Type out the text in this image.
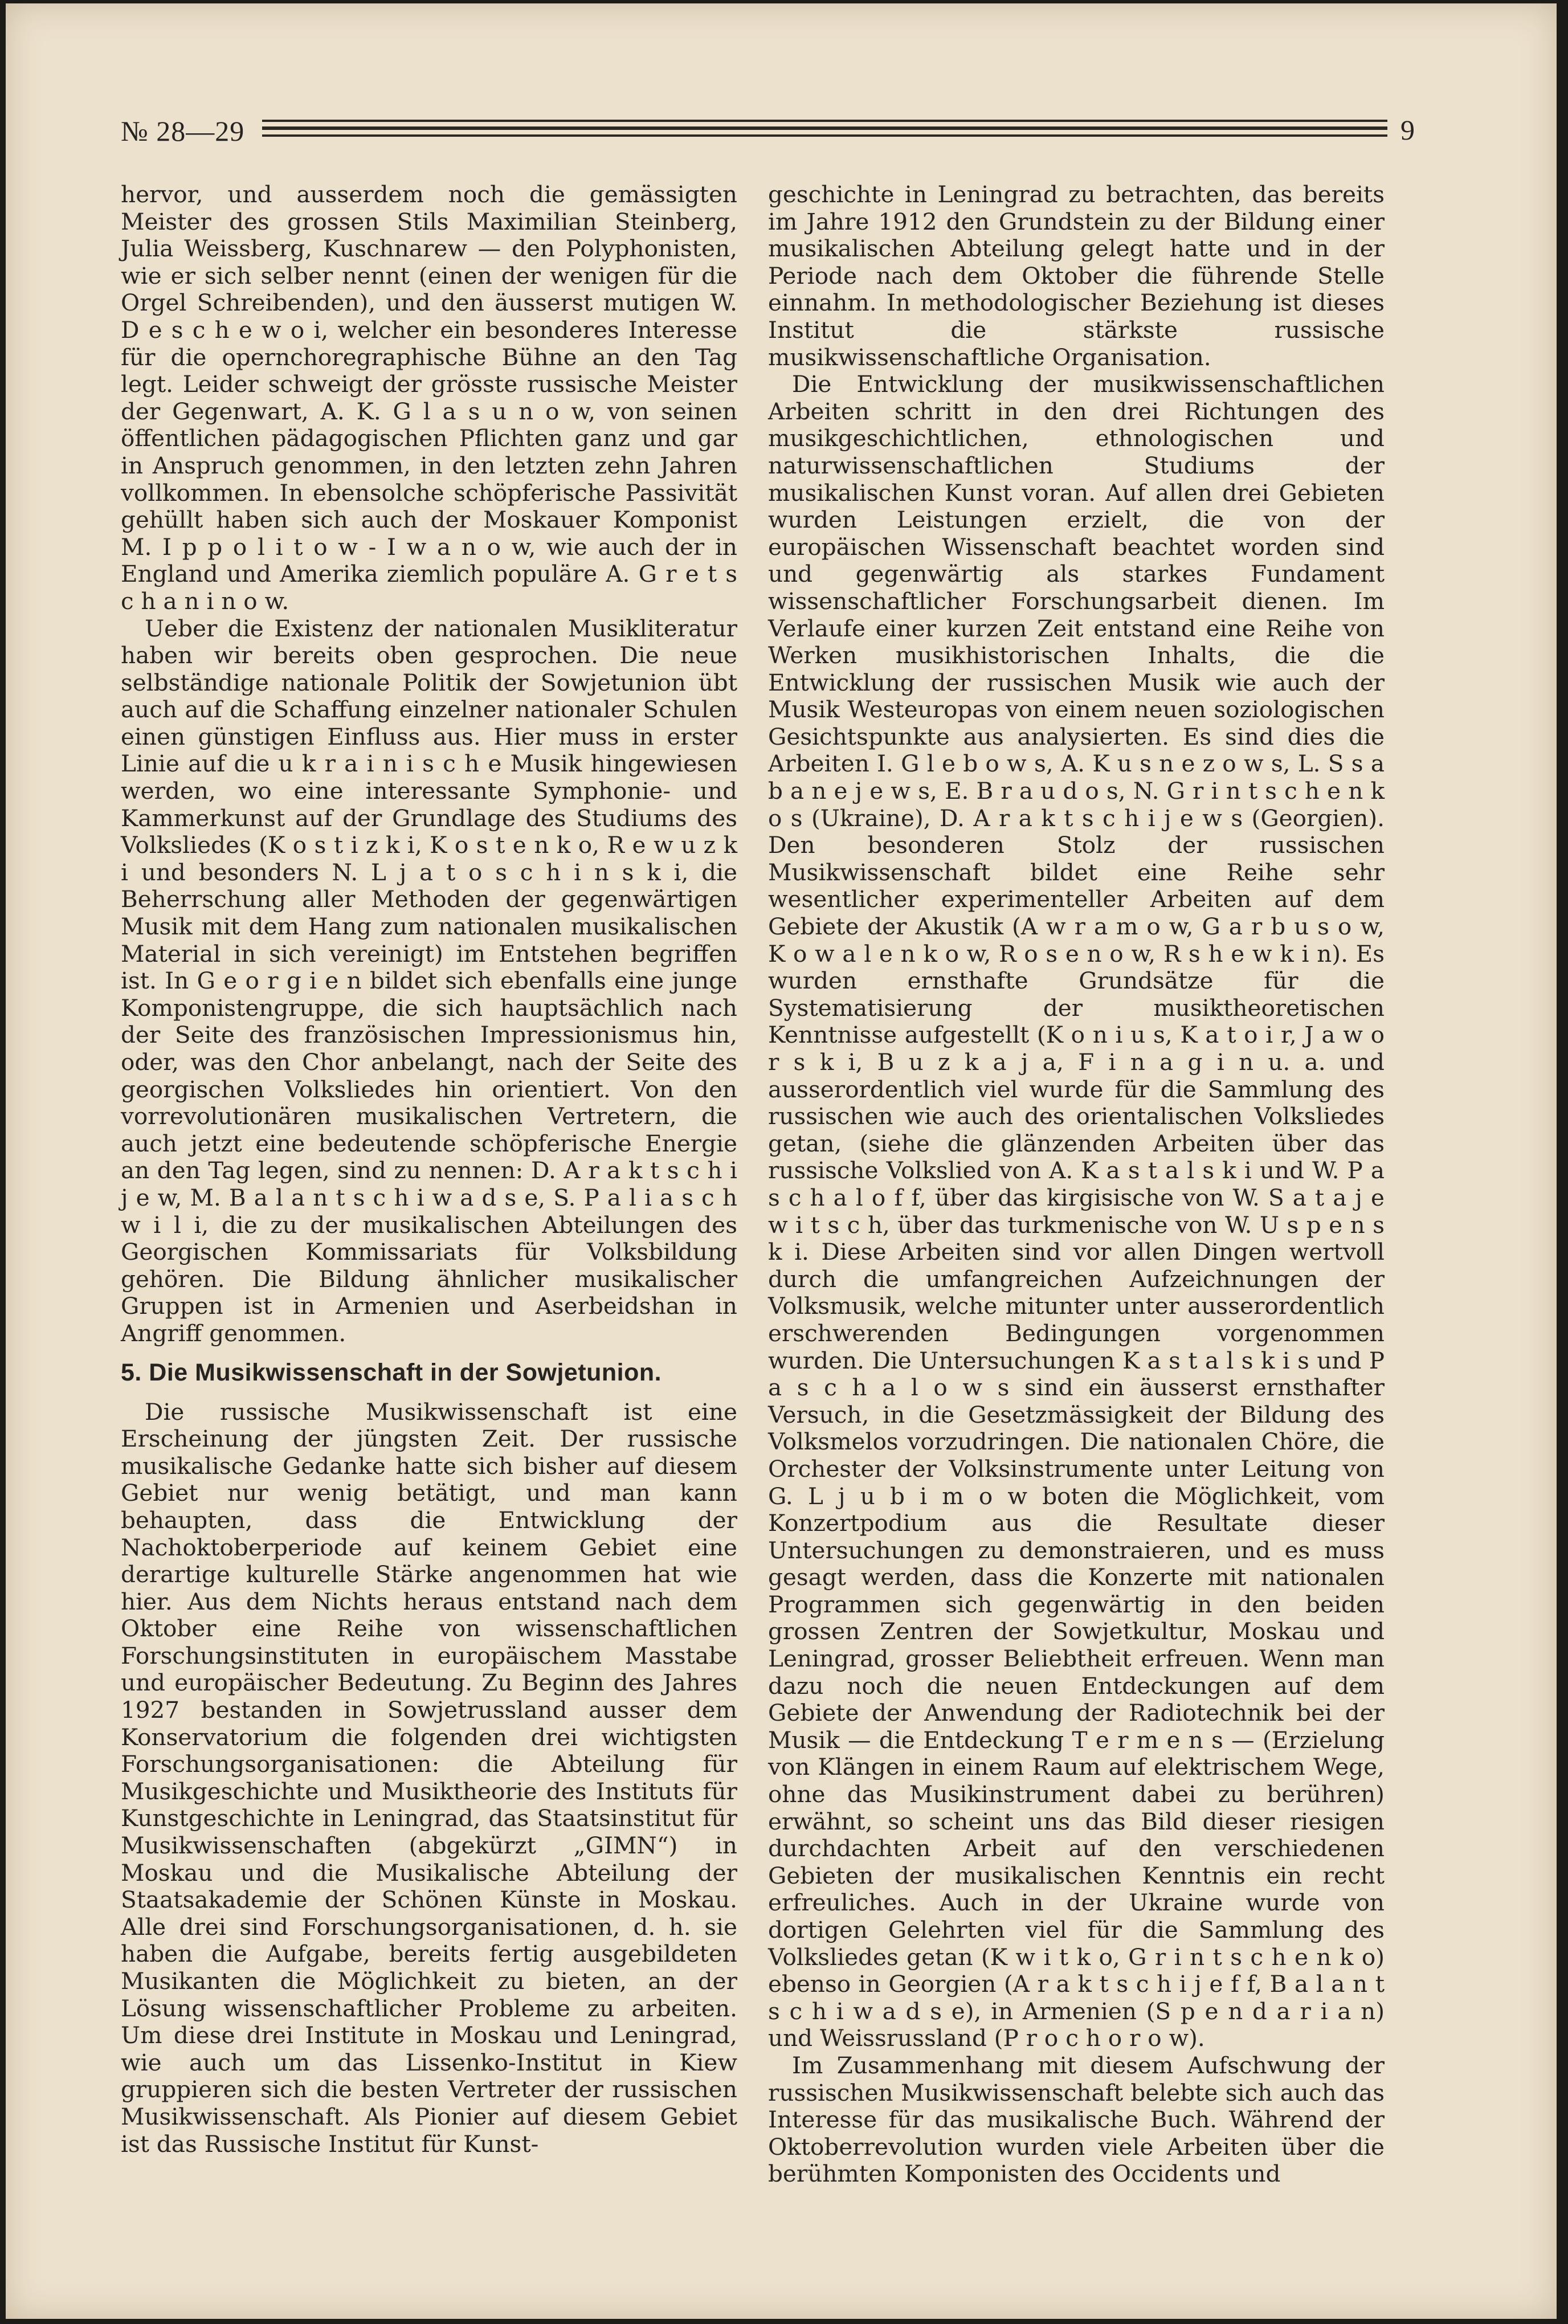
№ 28—29	9

hervor, und ausserdem noch die gemässigten Meister des grossen Stils Maximilian Steinberg, Julia Weissberg, Kuschnarew — den Polyphonisten, wie er sich selber nennt (einen der wenigen für die Orgel Schreibenden), und den äusserst mutigen W. D e s c h e w o i, welcher ein besonderes Interesse für die opernchoregraphische Bühne an den Tag legt. Leider schweigt der grösste russische Meister der Gegenwart, A. K. G l a s u n o w, von seinen öffentlichen pädagogischen Pflichten ganz und gar in Anspruch genommen, in den letzten zehn Jahren vollkommen. In ebensolche schöpferische Passivität gehüllt haben sich auch der Moskauer Komponist M. I p p o l i t o w - I w a n o w, wie auch der in England und Amerika ziemlich populäre A. G r e t s c h a n i n o w.

Ueber die Existenz der nationalen Musikliteratur haben wir bereits oben gesprochen. Die neue selbständige nationale Politik der Sowjetunion übt auch auf die Schaffung einzelner nationaler Schulen einen günstigen Einfluss aus. Hier muss in erster Linie auf die u k r a i n i s c h e Musik hingewiesen werden, wo eine interessante Symphonie- und Kammerkunst auf der Grundlage des Studiums des Volksliedes (K o s t i z k i, K o s t e n k o, R e w u z k i und besonders N. L j a t o s c h i n s k i, die Beherrschung aller Methoden der gegenwärtigen Musik mit dem Hang zum nationalen musikalischen Material in sich vereinigt) im Entstehen begriffen ist. In G e o r g i e n bildet sich ebenfalls eine junge Komponistengruppe, die sich hauptsächlich nach der Seite des französischen Impressionismus hin, oder, was den Chor anbelangt, nach der Seite des georgischen Volksliedes hin orientiert. Von den vorrevolutionären musikalischen Vertretern, die auch jetzt eine bedeutende schöpferische Energie an den Tag legen, sind zu nennen: D. A r a k t s c h i j e w, M. B a l a n t s c h i w a d s e, S. P a l i a s c h w i l i, die zu der musikalischen Abteilungen des Georgischen Kommissariats für Volksbildung gehören. Die Bildung ähnlicher musikalischer Gruppen ist in Armenien und Aserbeidshan in Angriff genommen.

5. Die Musikwissenschaft in der Sowjetunion.

Die russische Musikwissenschaft ist eine Erscheinung der jüngsten Zeit. Der russische musikalische Gedanke hatte sich bisher auf diesem Gebiet nur wenig betätigt, und man kann behaupten, dass die Entwicklung der Nachoktoberperiode auf keinem Gebiet eine derartige kulturelle Stärke angenommen hat wie hier. Aus dem Nichts heraus entstand nach dem Oktober eine Reihe von wissenschaftlichen Forschungsinstituten in europäischem Masstabe und europäischer Bedeutung. Zu Beginn des Jahres 1927 bestanden in Sowjetrussland ausser dem Konservatorium die folgenden drei wichtigsten Forschungsorganisationen: die Abteilung für Musikgeschichte und Musiktheorie des Instituts für Kunstgeschichte in Leningrad, das Staatsinstitut für Musikwissenschaften (abgekürzt „GIMN“) in Moskau und die Musikalische Abteilung der Staatsakademie der Schönen Künste in Moskau. Alle drei sind Forschungsorganisationen, d. h. sie haben die Aufgabe, bereits fertig ausgebildeten Musikanten die Möglichkeit zu bieten, an der Lösung wissenschaftlicher Probleme zu arbeiten. Um diese drei Institute in Moskau und Leningrad, wie auch um das Lissenko-Institut in Kiew gruppieren sich die besten Vertreter der russischen Musikwissenschaft. Als Pionier auf diesem Gebiet ist das Russische Institut für Kunst-

geschichte in Leningrad zu betrachten, das bereits im Jahre 1912 den Grundstein zu der Bildung einer musikalischen Abteilung gelegt hatte und in der Periode nach dem Oktober die führende Stelle einnahm. In methodologischer Beziehung ist dieses Institut die stärkste russische musikwissenschaftliche Organisation.

Die Entwicklung der musikwissenschaftlichen Arbeiten schritt in den drei Richtungen des musikgeschichtlichen, ethnologischen und naturwissenschaftlichen Studiums der musikalischen Kunst voran. Auf allen drei Gebieten wurden Leistungen erzielt, die von der europäischen Wissenschaft beachtet worden sind und gegenwärtig als starkes Fundament wissenschaftlicher Forschungsarbeit dienen. Im Verlaufe einer kurzen Zeit entstand eine Reihe von Werken musikhistorischen Inhalts, die die Entwicklung der russischen Musik wie auch der Musik Westeuropas von einem neuen soziologischen Gesichtspunkte aus analysierten. Es sind dies die Arbeiten I. G l e b o w s, A. K u s n e z o w s, L. S s a b a n e j e w s, E. B r a u d o s, N. G r i n t s c h e n k o s (Ukraine), D. A r a k t s c h i j e w s (Georgien). Den besonderen Stolz der russischen Musikwissenschaft bildet eine Reihe sehr wesentlicher experimenteller Arbeiten auf dem Gebiete der Akustik (A w r a m o w, G a r b u s o w, K o w a l e n k o w, R o s e n o w, R s h e w k i n). Es wurden ernsthafte Grundsätze für die Systematisierung der musiktheoretischen Kenntnisse aufgestellt (K o n i u s, K a t o i r, J a w o r s k i, B u z k a j a, F i n a g i n u. a. und ausserordentlich viel wurde für die Sammlung des russischen wie auch des orientalischen Volksliedes getan, (siehe die glänzenden Arbeiten über das russische Volkslied von A. K a s t a l s k i und W. P a s c h a l o f f, über das kirgisische von W. S a t a j e w i t s c h, über das turkmenische von W. U s p e n s k i. Diese Arbeiten sind vor allen Dingen wertvoll durch die umfangreichen Aufzeichnungen der Volksmusik, welche mitunter unter ausserordentlich erschwerenden Bedingungen vorgenommen wurden. Die Untersuchungen K a s t a l s k i s und P a s c h a l o w s sind ein äusserst ernsthafter Versuch, in die Gesetzmässigkeit der Bildung des Volksmelos vorzudringen. Die nationalen Chöre, die Orchester der Volksinstrumente unter Leitung von G. L j u b i m o w boten die Möglichkeit, vom Konzertpodium aus die Resultate dieser Untersuchungen zu demonstraieren, und es muss gesagt werden, dass die Konzerte mit nationalen Programmen sich gegenwärtig in den beiden grossen Zentren der Sowjetkultur, Moskau und Leningrad, grosser Beliebtheit erfreuen. Wenn man dazu noch die neuen Entdeckungen auf dem Gebiete der Anwendung der Radiotechnik bei der Musik — die Entdeckung T e r m e n s — (Erzielung von Klängen in einem Raum auf elektrischem Wege, ohne das Musikinstrument dabei zu berühren) erwähnt, so scheint uns das Bild dieser riesigen durchdachten Arbeit auf den verschiedenen Gebieten der musikalischen Kenntnis ein recht erfreuliches. Auch in der Ukraine wurde von dortigen Gelehrten viel für die Sammlung des Volksliedes getan (K w i t k o, G r i n t s c h e n k o) ebenso in Georgien (A r a k t s c h i j e f f, B a l a n t s c h i w a d s e), in Armenien (S p e n d a r i a n) und Weissrussland (P r o c h o r o w).

Im Zusammenhang mit diesem Aufschwung der russischen Musikwissenschaft belebte sich auch das Interesse für das musikalische Buch. Während der Oktoberrevolution wurden viele Arbeiten über die berühmten Komponisten des Occidents und
